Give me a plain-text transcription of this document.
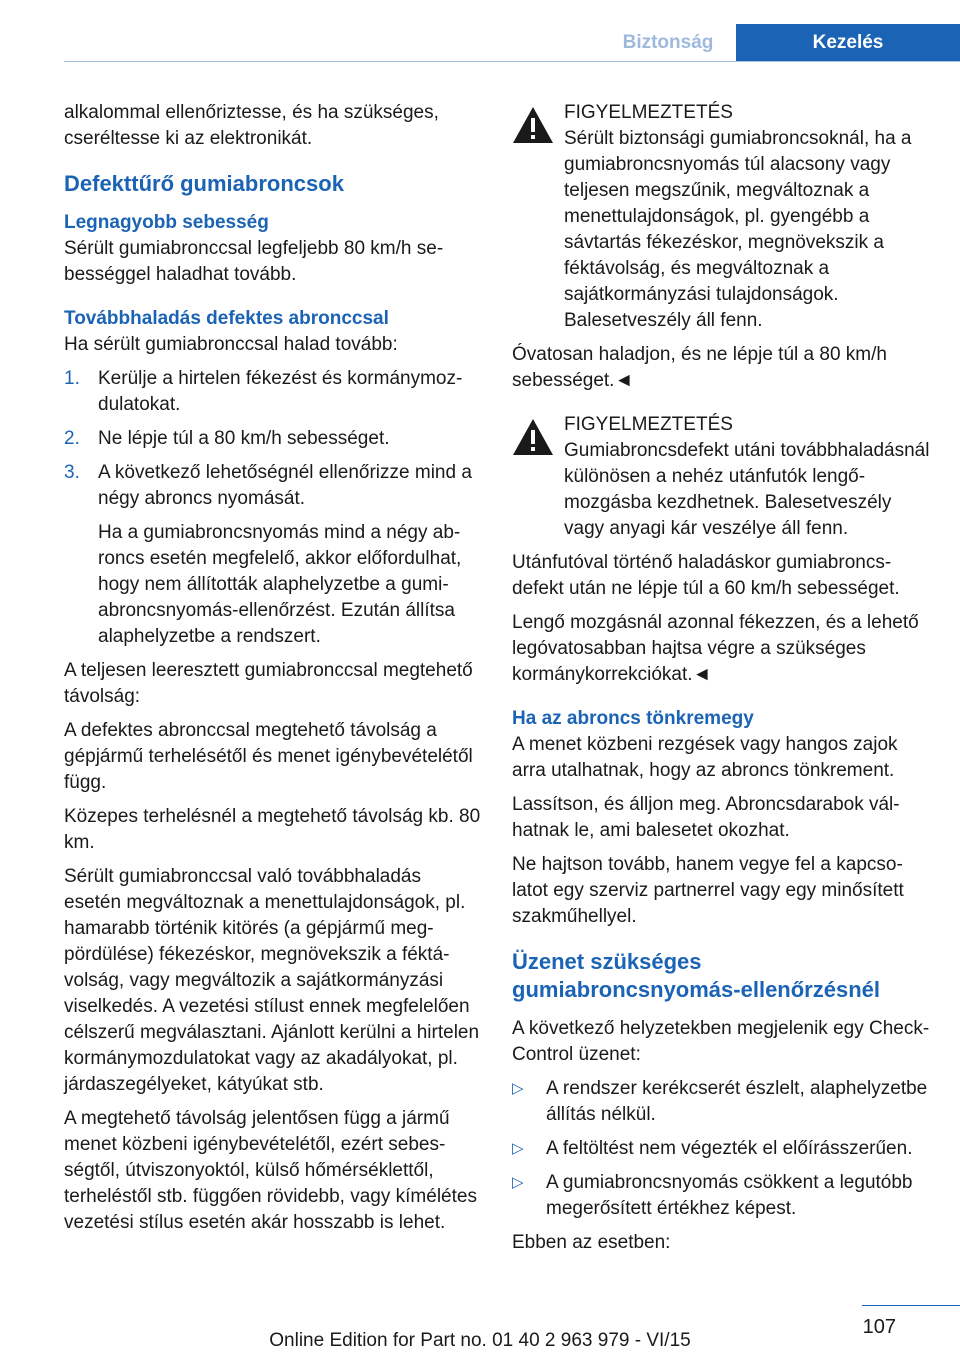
Biztonság	Kezelés

alkalommal ellenőriztesse, és ha szükséges, cseréltesse ki az elektronikát.

Defekttűrő gumiabroncsok
Legnagyobb sebesség

Sérült gumiabronccsal legfeljebb 80 km/h sebességgel haladhat tovább.

Továbbhaladás defektes abronccsal

Ha sérült gumiabronccsal halad tovább:

1. Kerülje a hirtelen fékezést és kormánymozdulatokat.

2. Ne lépje túl a 80 km/h sebességet.

3. A következő lehetőségnél ellenőrizze mind a négy abroncs nyomását.

Ha a gumiabroncsnyomás mind a négy abroncs esetén megfelelő, akkor előfordulhat, hogy nem állították alaphelyzetbe a gumiabroncsnyomás-ellenőrzést. Ezután állítsa alaphelyzetbe a rendszert.

A teljesen leeresztett gumiabronccsal megtehető távolság:

A defektes abronccsal megtehető távolság a gépjármű terhelésétől és menet igénybevételétől függ.

Közepes terhelésnél a megtehető távolság kb. 80 km.

Sérült gumiabronccsal való továbbhaladás esetén megváltoznak a menettulajdonságok, pl. hamarabb történik kitörés (a gépjármű megpördülése) fékezéskor, megnövekszik a féktávolság, vagy megváltozik a sajátkormányzási viselkedés. A vezetési stílust ennek megfelelően célszerű megválasztani. Ajánlott kerülni a hirtelen kormánymozdulatokat vagy az akadályokat, pl. járdaszegélyeket, kátyúkat stb.

A megtehető távolság jelentősen függ a jármű menet közbeni igénybevételétől, ezért sebességtől, útviszonyoktól, külső hőmérséklettől, terheléstől stb. függően rövidebb, vagy kímélétes vezetési stílus esetén akár hosszabb is lehet.

FIGYELMEZTETÉS

Sérült biztonsági gumiabroncsoknál, ha a gumiabroncsnyomás túl alacsony vagy teljesen megszűnik, megváltoznak a menettulajdonságok, pl. gyengébb a sávtartás fékezéskor, megnövekszik a féktávolság, és megváltoznak a sajátkormányzási tulajdonságok. Balesetveszély áll fenn.

Óvatosan haladjon, és ne lépje túl a 80 km/h sebességet.◄

FIGYELMEZTETÉS

Gumiabroncsdefekt utáni továbbhaladásnál különösen a nehéz utánfutók lengőmozgásba kezdhetnek. Balesetveszély vagy anyagi kár veszélye áll fenn.

Utánfutóval történő haladáskor gumiabroncsdefekt után ne lépje túl a 60 km/h sebességet.

Lengő mozgásnál azonnal fékezzen, és a lehető legóvatosabban hajtsa végre a szükséges kormánykorrekciókat.◄

Ha az abroncs tönkremegy

A menet közbeni rezgések vagy hangos zajok arra utalhatnak, hogy az abroncs tönkrement.

Lassítson, és álljon meg. Abroncsdarabok válhatnak le, ami balesetet okozhat.

Ne hajtson tovább, hanem vegye fel a kapcsolatot egy szerviz partnerrel vagy egy minősített szakműhellyel.

Üzenet szükséges gumiabroncsnyomás-ellenőrzésnél

A következő helyzetekben megjelenik egy Check-Control üzenet:

▷	A rendszer kerékcserét észlelt, alaphelyzetbe állítás nélkül.
▷	A feltöltést nem végezték el előírásszerűen.
▷	A gumiabroncsnyomás csökkent a legutóbb megerősített értékhez képest.

Ebben az esetben:

107
Online Edition for Part no. 01 40 2 963 979 - VI/15
